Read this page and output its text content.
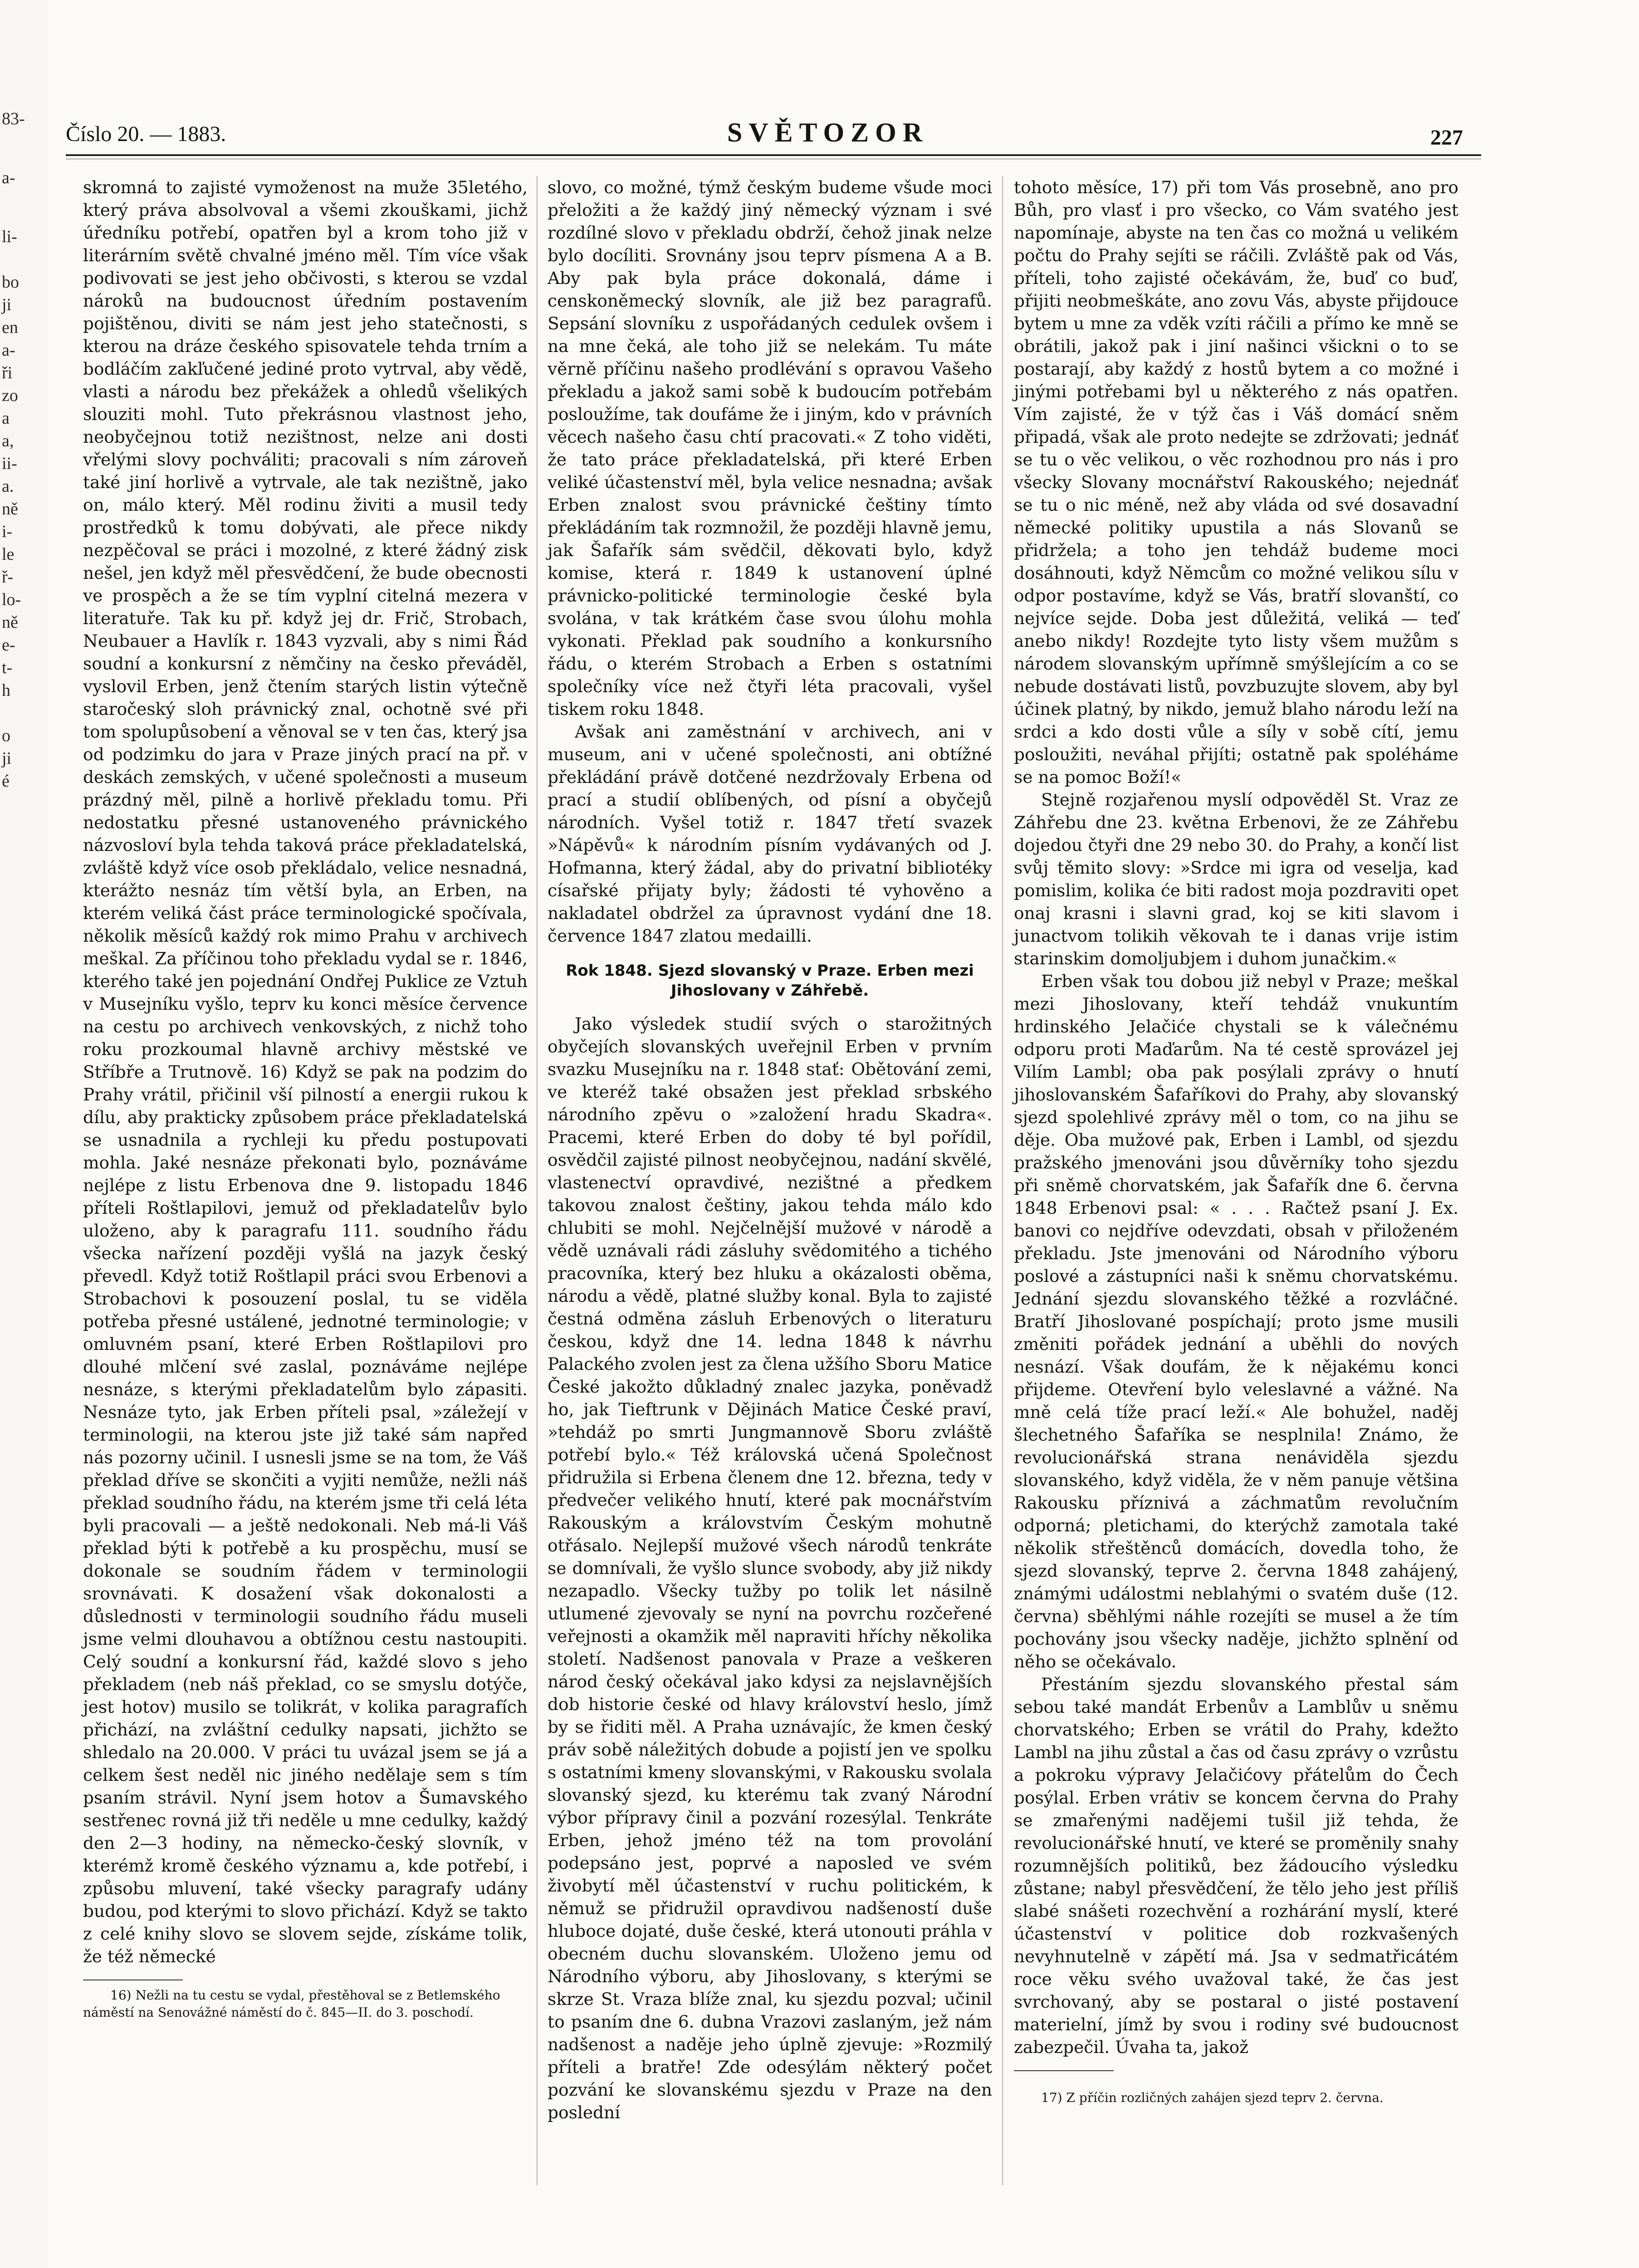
83-
a-
li-
bo
ji
en
a-
ři
zo
a
a,
ii-
a.
ně
i-
le
ř-
lo-
ně
e-
t-
h
o
ji
é
Číslo 20. — 1883.	SVĚTOZOR	227

skromná to zajisté vymoženost na muže 35letého, který práva absolvoval a všemi zkouškami, jichž úředníku potřebí, opatřen byl a krom toho již v literárním světě chvalné jméno měl. Tím více však podivovati se jest jeho občivosti, s kterou se vzdal nároků na budoucnost úředním postavením pojištěnou, diviti se nám jest jeho statečnosti, s kterou na dráze českého spisovatele tehda trním a bodláčím zakľučené jediné proto vytrval, aby vědě, vlasti a národu bez překážek a ohledů všelikých slouziti mohl. Tuto překrásnou vlastnost jeho, neobyčejnou totiž nezištnost, nelze ani dosti vřelými slovy pochváliti; pracovali s ním zároveň také jiní horlivě a vytrvale, ale tak nezištně, jako on, málo který. Měl rodinu živiti a musil tedy prostředků k tomu dobývati, ale přece nikdy nezpěčoval se práci i mozolné, z které žádný zisk nešel, jen když měl přesvědčení, že bude obecnosti ve prospěch a že se tím vyplní citelná mezera v literatuře. Tak ku př. když jej dr. Frič, Strobach, Neubauer a Havlík r. 1843 vyzvali, aby s nimi Řád soudní a konkursní z němčiny na česko převáděl, vyslovil Erben, jenž čtením starých listin výtečně staročeský sloh právnický znal, ochotně své při tom spolupůsobení a věnoval se v ten čas, který jsa od podzimku do jara v Praze jiných prací na př. v deskách zemských, v učené společnosti a museum prázdný měl, pilně a horlivě překladu tomu. Při nedostatku přesné ustanoveného právnického názvosloví byla tehda taková práce překladatelská, zvláště když více osob překládalo, velice nesnadná, kterážto nesnáz tím větší byla, an Erben, na kterém veliká část práce terminologické spočívala, několik měsíců každý rok mimo Prahu v archivech meškal. Za příčinou toho překladu vydal se r. 1846, kterého také jen pojednání Ondřej Puklice ze Vztuh v Musejníku vyšlo, teprv ku konci měsíce července na cestu po archivech venkovských, z nichž toho roku prozkoumal hlavně archivy městské ve Stříbře a Trutnově. 16) Když se pak na podzim do Prahy vrátil, přičinil vší pilností a energii rukou k dílu, aby prakticky způsobem práce překladatelská se usnadnila a rychleji ku předu postupovati mohla. Jaké nesnáze překonati bylo, poznáváme nejlépe z listu Erbenova dne 9. listopadu 1846 příteli Roštlapilovi, jemuž od překladatelův bylo uloženo, aby k paragrafu 111. soudního řádu všecka nařízení později vyšlá na jazyk český převedl. Když totiž Roštlapil práci svou Erbenovi a Strobachovi k posouzení poslal, tu se viděla potřeba přesné ustálené, jednotné terminologie; v omluvném psaní, které Erben Roštlapilovi pro dlouhé mlčení své zaslal, poznáváme nejlépe nesnáze, s kterými překladatelům bylo zápasiti. Nesnáze tyto, jak Erben příteli psal, »záležejí v terminologii, na kterou jste již také sám napřed nás pozorny učinil. I usnesli jsme se na tom, že Váš překlad dříve se skončiti a vyjiti nemůže, nežli náš překlad soudního řádu, na kterém jsme tři celá léta byli pracovali — a ještě nedokonali. Neb má-li Váš překlad býti k potřebě a ku prospěchu, musí se dokonale se soudním řádem v terminologii srovnávati. K dosažení však dokonalosti a důslednosti v terminologii soudního řádu museli jsme velmi dlouhavou a obtížnou cestu nastoupiti. Celý soudní a konkursní řád, každé slovo s jeho překladem (neb náš překlad, co se smyslu dotýče, jest hotov) musilo se tolikrát, v kolika paragrafích přichází, na zvláštní cedulky napsati, jichžto se shledalo na 20.000. V práci tu uvázal jsem se já a celkem šest neděl nic jiného nedělaje sem s tím psaním strávil. Nyní jsem hotov a Šumavského sestřenec rovná již tři neděle u mne cedulky, každý den 2—3 hodiny, na německo-český slovník, v kterémž kromě českého významu a, kde potřebí, i způsobu mluvení, také všecky paragrafy udány budou, pod kterými to slovo přichází. Když se takto z celé knihy slovo se slovem sejde, získáme tolik, že též německé

16) Nežli na tu cestu se vydal, přestěhoval se z Betlemského náměstí na Senovážné náměstí do č. 845—II. do 3. poschodí.

slovo, co možné, týmž českým budeme všude moci přeložiti a že každý jiný německý význam i své rozdílné slovo v překladu obdrží, čehož jinak nelze bylo docíliti. Srovnány jsou teprv písmena A a B. Aby pak byla práce dokonalá, dáme i censkoněmecký slovník, ale již bez paragrafů. Sepsání slovníku z uspořádaných cedulek ovšem i na mne čeká, ale toho již se nelekám. Tu máte věrně příčinu našeho prodlévání s opravou Vašeho překladu a jakož sami sobě k budoucím potřebám posloužíme, tak doufáme že i jiným, kdo v právních věcech našeho času chtí pracovati.« Z toho viděti, že tato práce překladatelská, při které Erben veliké účastenství měl, byla velice nesnadna; avšak Erben znalost svou právnické češtiny tímto překládáním tak rozmnožil, že později hlavně jemu, jak Šafařík sám svědčil, děkovati bylo, když komise, která r. 1849 k ustanovení úplné právnicko-politické terminologie české byla svolána, v tak krátkém čase svou úlohu mohla vykonati. Překlad pak soudního a konkursního řádu, o kterém Strobach a Erben s ostatními společníky více než čtyři léta pracovali, vyšel tiskem roku 1848.

Avšak ani zaměstnání v archivech, ani v museum, ani v učené společnosti, ani obtížné překládání právě dotčené nezdržovaly Erbena od prací a studií oblíbených, od písní a obyčejů národních. Vyšel totiž r. 1847 třetí svazek »Nápěvů« k národním písním vydávaných od J. Hofmanna, který žádal, aby do privatní bibliotéky císařské přijaty byly; žádosti té vyhověno a nakladatel obdržel za úpravnost vydání dne 18. července 1847 zlatou medailli.

Rok 1848. Sjezd slovanský v Praze. Erben mezi Jihoslovany v Záhřebě.

Jako výsledek studií svých o starožitných obyčejích slovanských uveřejnil Erben v prvním svazku Musejníku na r. 1848 stať: Obětování zemi, ve kteréž také obsažen jest překlad srbského národního zpěvu o »založení hradu Skadra«. Pracemi, které Erben do doby té byl pořídil, osvědčil zajisté pilnost neobyčejnou, nadání skvělé, vlastenectví opravdivé, nezištné a předkem takovou znalost češtiny, jakou tehda málo kdo chlubiti se mohl. Nejčelnější mužové v národě a vědě uznávali rádi zásluhy svědomitého a tichého pracovníka, který bez hluku a okázalosti oběma, národu a vědě, platné služby konal. Byla to zajisté čestná odměna zásluh Erbenových o literaturu českou, když dne 14. ledna 1848 k návrhu Palackého zvolen jest za člena užšího Sboru Matice České jakožto důkladný znalec jazyka, poněvadž ho, jak Tieftrunk v Dějinách Matice České praví, »tehdáž po smrti Jungmannově Sboru zvláště potřebí bylo.« Též královská učená Společnost přidružila si Erbena členem dne 12. března, tedy v předvečer velikého hnutí, které pak mocnářstvím Rakouským a královstvím Českým mohutně otřásalo. Nejlepší mužové všech národů tenkráte se domnívali, že vyšlo slunce svobody, aby již nikdy nezapadlo. Všecky tužby po tolik let násilně utlumené zjevovaly se nyní na povrchu rozčeřené veřejnosti a okamžik měl napraviti hříchy několika století. Nadšenost panovala v Praze a veškeren národ český očekával jako kdysi za nejslavnějších dob historie české od hlavy království heslo, jímž by se řiditi měl. A Praha uznávajíc, že kmen český práv sobě náležitých dobude a pojistí jen ve spolku s ostatními kmeny slovanskými, v Rakousku svolala slovanský sjezd, ku kterému tak zvaný Národní výbor přípravy činil a pozvání rozesýlal. Tenkráte Erben, jehož jméno též na tom provolání podepsáno jest, poprvé a naposled ve svém živobytí měl účastenství v ruchu politickém, k němuž se přidružil opravdivou nadšeností duše hluboce dojaté, duše české, která utonouti práhla v obecném duchu slovanském. Uloženo jemu od Národního výboru, aby Jihoslovany, s kterými se skrze St. Vraza blíže znal, ku sjezdu pozval; učinil to psaním dne 6. dubna Vrazovi zaslaným, jež nám nadšenost a naděje jeho úplně zjevuje: »Rozmilý příteli a bratře! Zde odesýlám některý počet pozvání ke slovanskému sjezdu v Praze na den poslední

tohoto měsíce, 17) při tom Vás prosebně, ano pro Bůh, pro vlasť i pro všecko, co Vám svatého jest napomínaje, abyste na ten čas co možná u velikém počtu do Prahy sejíti se ráčili. Zvláště pak od Vás, příteli, toho zajisté očekávám, že, buď co buď, přijiti neobmeškáte, ano zovu Vás, abyste přijdouce bytem u mne za vděk vzíti ráčili a přímo ke mně se obrátili, jakož pak i jiní našinci všickni o to se postarají, aby každý z hostů bytem a co možné i jinými potřebami byl u některého z nás opatřen. Vím zajisté, že v týž čas i Váš domácí sněm připadá, však ale proto nedejte se zdržovati; jednáť se tu o věc velikou, o věc rozhodnou pro nás i pro všecky Slovany mocnářství Rakouského; nejednáť se tu o nic méně, než aby vláda od své dosavadní německé politiky upustila a nás Slovanů se přidržela; a toho jen tehdáž budeme moci dosáhnouti, když Němcům co možné velikou sílu v odpor postavíme, když se Vás, bratří slovanští, co nejvíce sejde. Doba jest důležitá, veliká — teď anebo nikdy! Rozdejte tyto listy všem mužům s národem slovanským upřímně smýšlejícím a co se nebude dostávati listů, povzbuzujte slovem, aby byl účinek platný, by nikdo, jemuž blaho národu leží na srdci a kdo dosti vůle a síly v sobě cítí, jemu posloužiti, neváhal přijíti; ostatně pak spoléháme se na pomoc Boží!«

Stejně rozjařenou myslí odpověděl St. Vraz ze Záhřebu dne 23. května Erbenovi, že ze Záhřebu dojedou čtyři dne 29 nebo 30. do Prahy, a končí list svůj těmito slovy: »Srdce mi igra od veselja, kad pomislim, kolika će biti radost moja pozdraviti opet onaj krasni i slavni grad, koj se kiti slavom i junactvom tolikih věkovah te i danas vrije istim starinskim domoljubjem i duhom junačkim.«

Erben však tou dobou již nebyl v Praze; meškal mezi Jihoslovany, kteří tehdáž vnukuntím hrdinského Jelačiće chystali se k válečnému odporu proti Maďarům. Na té cestě sprovázel jej Vilím Lambl; oba pak posýlali zprávy o hnutí jihoslovanském Šafaříkovi do Prahy, aby slovanský sjezd spolehlivé zprávy měl o tom, co na jihu se děje. Oba mužové pak, Erben i Lambl, od sjezdu pražského jmenováni jsou důvěrníky toho sjezdu při sněmě chorvatském, jak Šafařík dne 6. června 1848 Erbenovi psal: « . . . Račtež psaní J. Ex. banovi co nejdříve odevzdati, obsah v přiloženém překladu. Jste jmenováni od Národního výboru poslové a zástupníci naši k sněmu chorvatskému. Jednání sjezdu slovanského těžké a rozvláčné. Bratří Jihoslované pospíchají; proto jsme musili změniti pořádek jednání a uběhli do nových nesnází. Však doufám, že k nějakému konci přijdeme. Otevření bylo veleslavné a vážné. Na mně celá tíže prací leží.« Ale bohužel, naděj šlechetného Šafaříka se nesplnila! Známo, že revolucionářská strana nenáviděla sjezdu slovanského, když viděla, že v něm panuje většina Rakousku příznivá a záchmatům revolučním odporná; pletichami, do kterýchž zamotala také několik střeštěnců domácích, dovedla toho, že sjezd slovanský, teprve 2. června 1848 zahájený, známými událostmi neblahými o svatém duše (12. června) sběhlými náhle rozejíti se musel a že tím pochovány jsou všecky naděje, jichžto splnění od něho se očekávalo.

Přestáním sjezdu slovanského přestal sám sebou také mandát Erbenův a Lamblův u sněmu chorvatského; Erben se vrátil do Prahy, kdežto Lambl na jihu zůstal a čas od času zprávy o vzrůstu a pokroku výpravy Jelačićovy přátelům do Čech posýlal. Erben vrátiv se koncem června do Prahy se zmařenými nadějemi tušil již tehda, že revolucionářské hnutí, ve které se proměnily snahy rozumnějších politiků, bez žádoucího výsledku zůstane; nabyl přesvědčení, že tělo jeho jest příliš slabé snášeti rozechvění a rozhárání myslí, které účastenství v politice dob rozkvašených nevyhnutelně v zápětí má. Jsa v sedmatřicátém roce věku svého uvažoval také, že čas jest svrchovaný, aby se postaral o jisté postavení materielní, jímž by svou i rodiny své budoucnost zabezpečil. Úvaha ta, jakož

17) Z příčin rozličných zahájen sjezd teprv 2. června.
